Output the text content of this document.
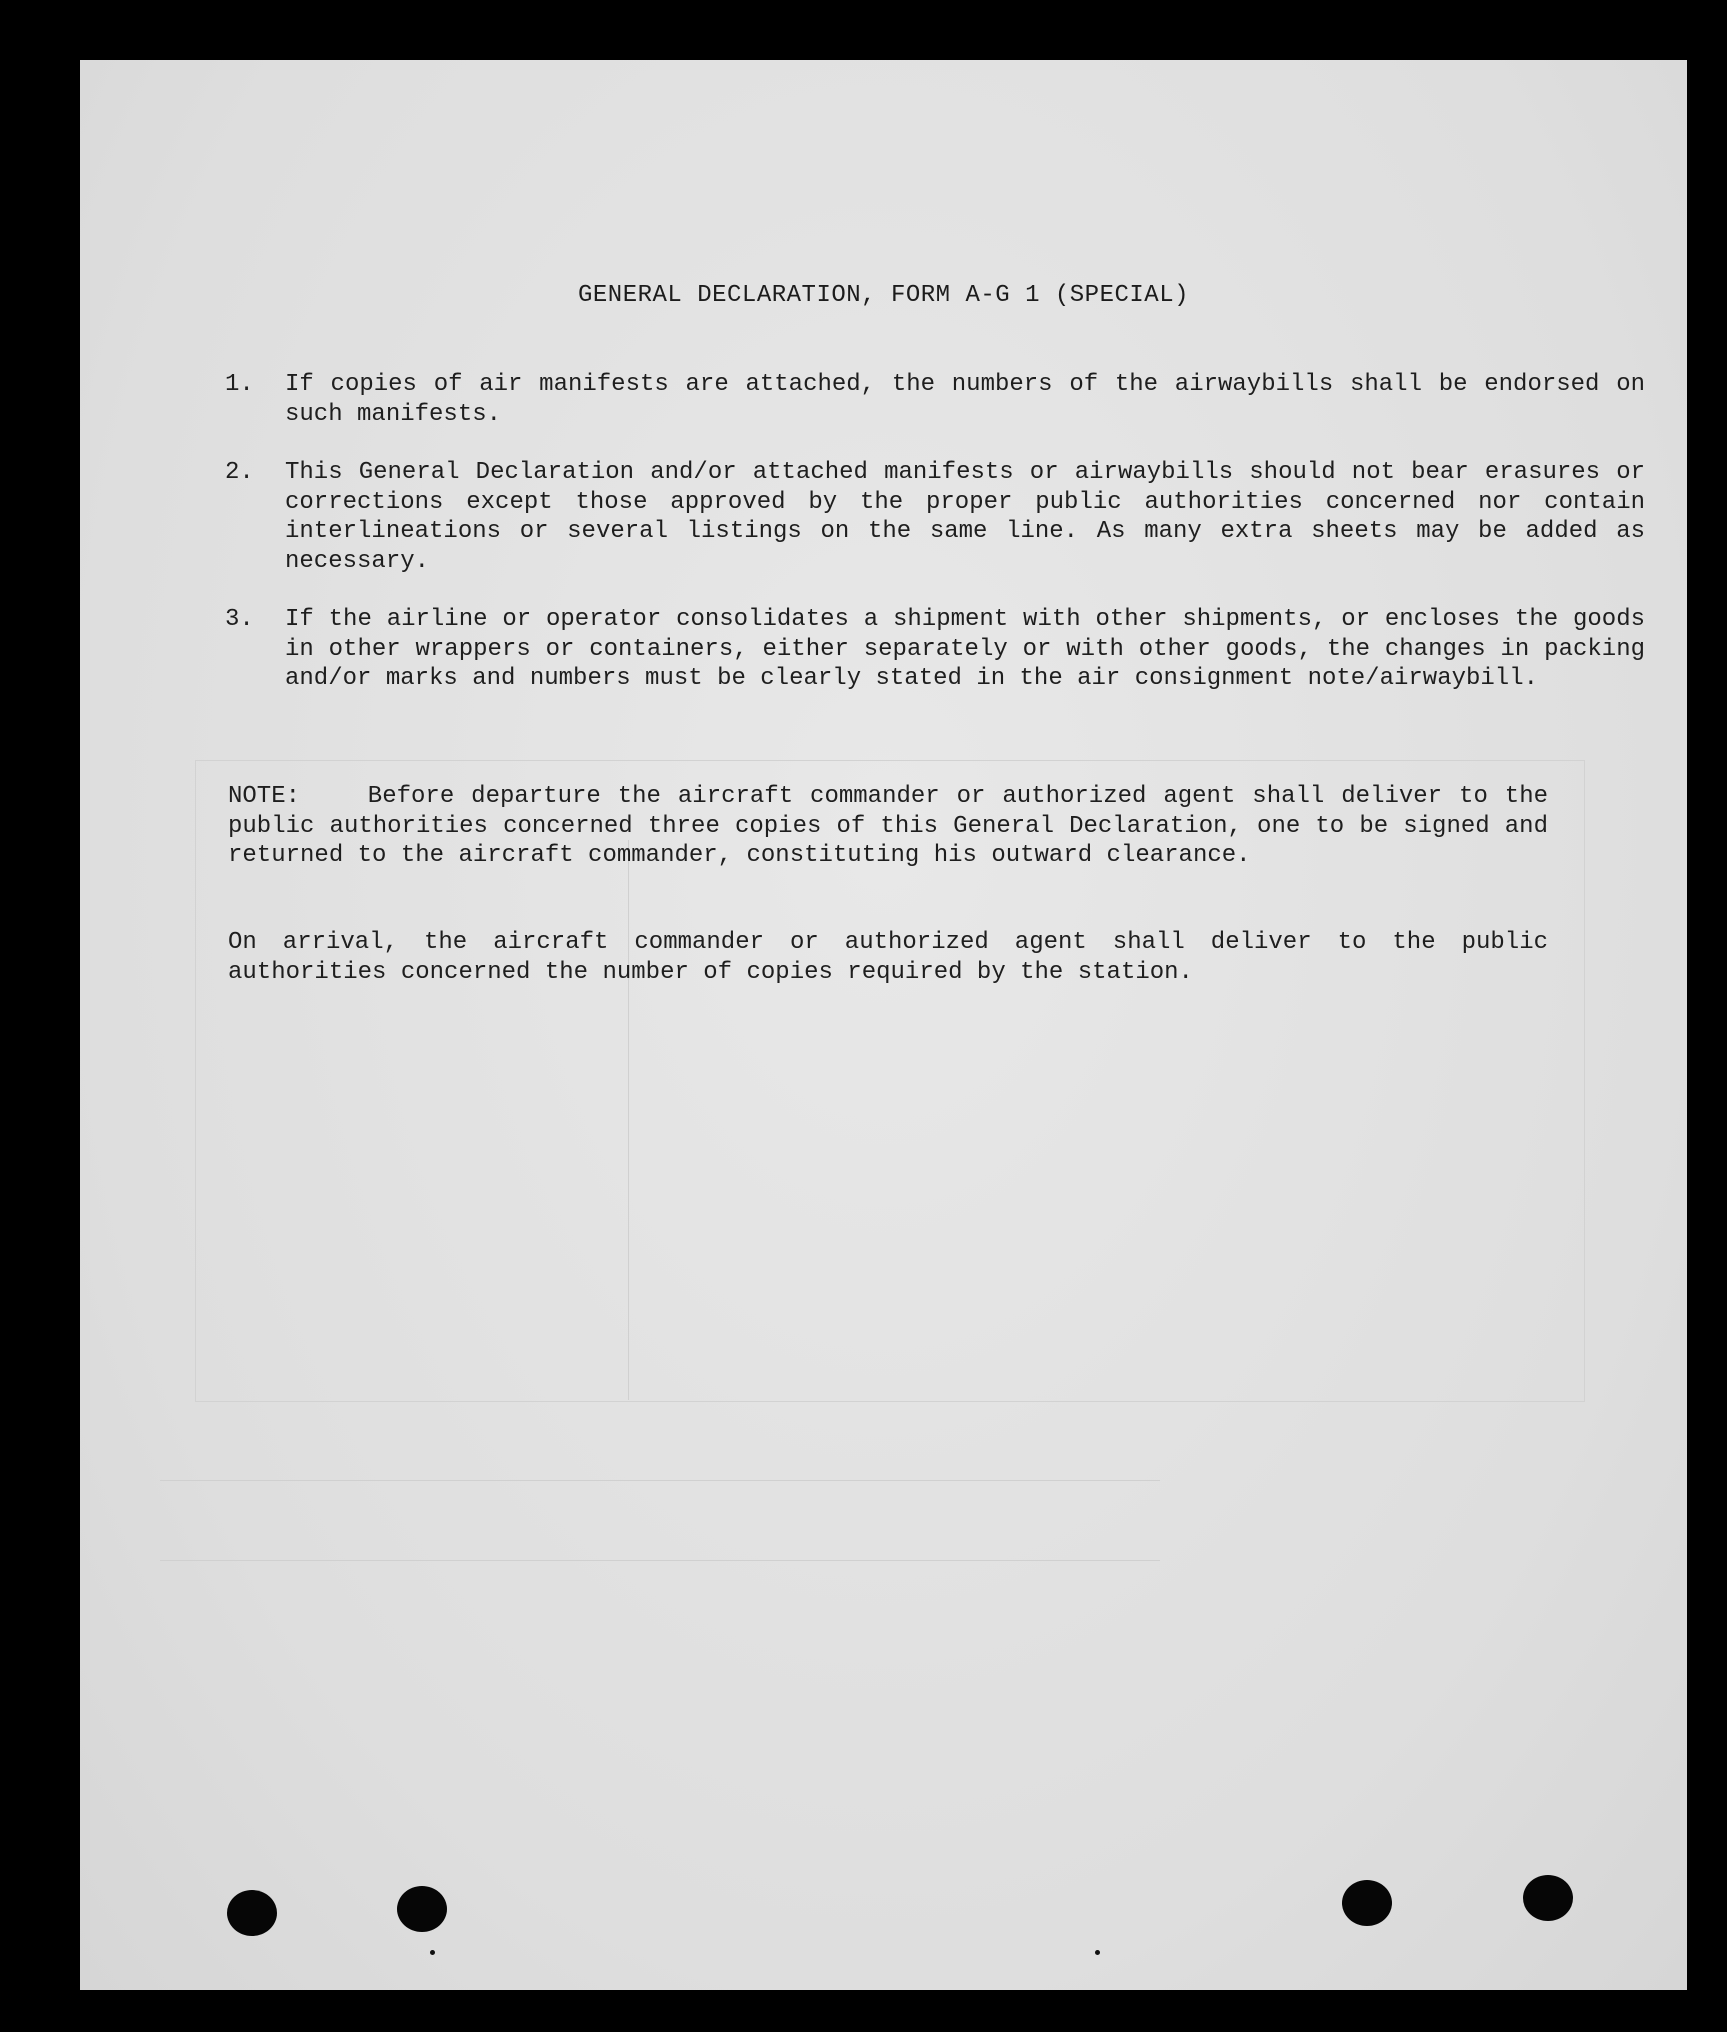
GENERAL DECLARATION, FORM A-G 1 (SPECIAL)
1.	If copies of air manifests are attached, the numbers of the airwaybills shall be endorsed on such manifests.
2.	This General Declaration and/or attached manifests or airwaybills should not bear erasures or corrections except those approved by the proper public authorities concerned nor contain interlineations or several listings on the same line. As many extra sheets may be added as necessary.
3.	If the airline or operator consolidates a shipment with other shipments, or encloses the goods in other wrappers or containers, either separately or with other goods, the changes in packing and/or marks and numbers must be clearly stated in the air consignment note/airwaybill.
NOTE:    Before departure the aircraft commander or authorized agent shall deliver to the public authorities concerned three copies of this General Declaration, one to be signed and returned to the aircraft commander, constituting his outward clearance.
On arrival, the aircraft commander or authorized agent shall deliver to the public authorities concerned the number of copies required by the station.
